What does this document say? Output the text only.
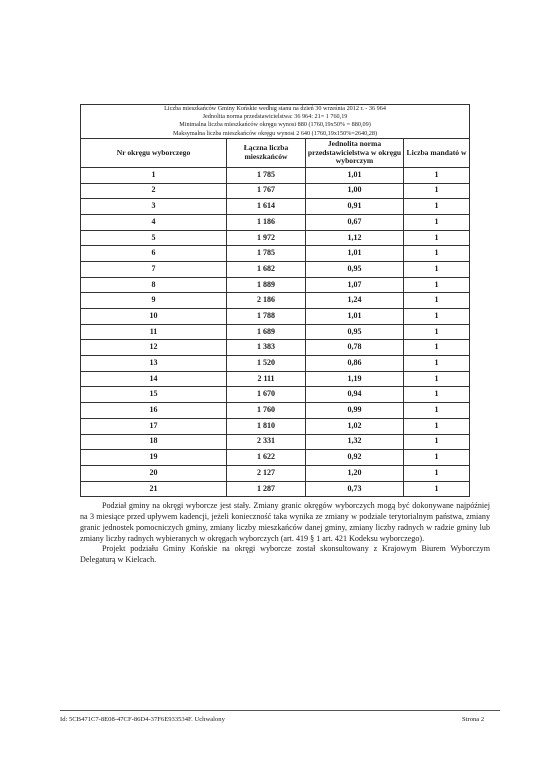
Liczba mieszkańców Gminy Końskie według stanu na dzień 30 września 2012 r. - 36 964
Jednolita norma przedstawicielstwa: 36 964: 21= 1 760,19
Minimalna liczba mieszkańców okręgu wynosi 880 (1760,19x50% = 880,09)
Maksymalna liczba mieszkańców okręgu wynosi 2 640 (1760,19x150%=2640,28)			

Nr okręgu wyborczego	Łączna liczba mieszkańców	Jednolita norma przedstawicielstwa w okręgu wyborczym	Liczba mandató w
1	1 785	1,01	1
2	1 767	1,00	1
3	1 614	0,91	1
4	1 186	0,67	1
5	1 972	1,12	1
6	1 785	1,01	1
7	1 682	0,95	1
8	1 889	1,07	1
9	2 186	1,24	1
10	1 788	1,01	1
11	1 689	0,95	1
12	1 383	0,78	1
13	1 520	0,86	1
14	2 111	1,19	1
15	1 670	0,94	1
16	1 760	0,99	1
17	1 810	1,02	1
18	2 331	1,32	1
19	1 622	0,92	1
20	2 127	1,20	1
21	1 287	0,73	1

Podział gminy na okręgi wyborcze jest stały. Zmiany granic okręgów wyborczych mogą być dokonywane najpóźniej na 3 miesiące przed upływem kadencji, jeżeli konieczność taka wynika ze zmiany w podziale terytorialnym państwa, zmiany granic jednostek pomocniczych gminy, zmiany liczby mieszkańców danej gminy, zmiany liczby radnych w radzie gminy lub zmiany liczby radnych wybieranych w okręgach wyborczych (art. 419 § 1 art. 421 Kodeksu wyborczego).

Projekt podziału Gminy Końskie na okręgi wyborcze został skonsultowany z Krajowym Biurem Wyborczym Delegaturą w Kielcach.

Id: 5CB471C7-8E08-47CF-86D4-37F6E933534F. Uchwalony	Strona 2
